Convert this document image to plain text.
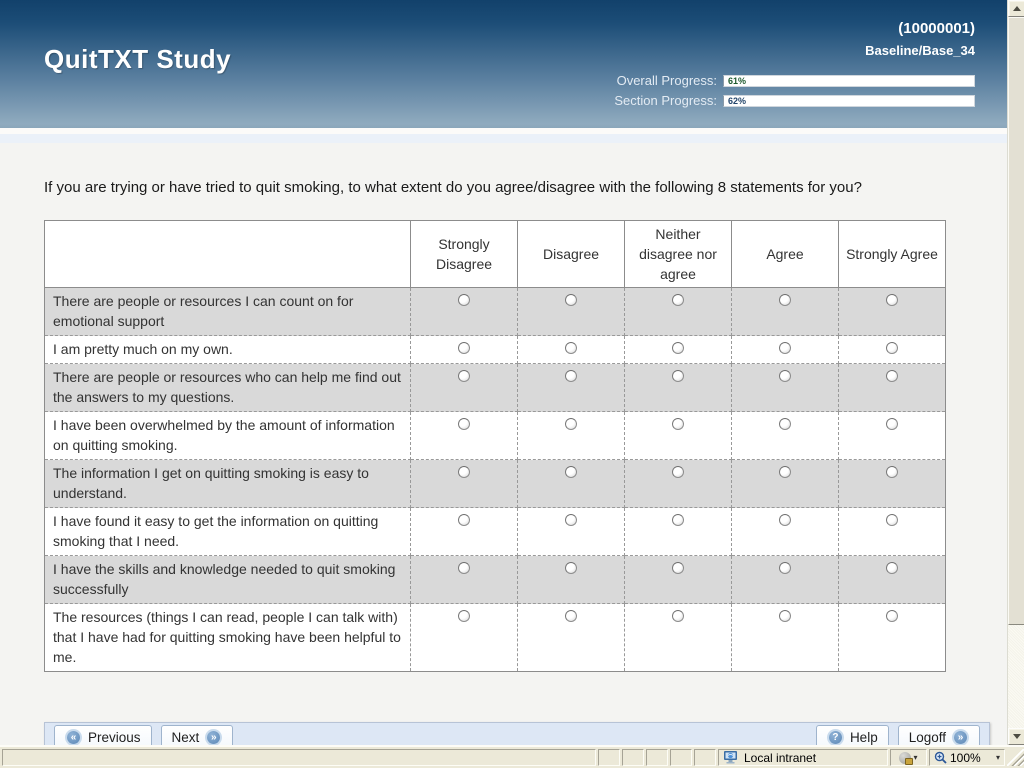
QuitTXT Study
(10000001)
Baseline/Base_34
Overall Progress: 61%
Section Progress: 62%
If you are trying or have tried to quit smoking, to what extent do you agree/disagree with the following 8 statements for you?
	Strongly Disagree	Disagree	Neither disagree nor agree	Agree	Strongly Agree
There are people or resources I can count on for emotional support					
I am pretty much on my own.					
There are people or resources who can help me find out the answers to my questions.					
I have been overwhelmed by the amount of information on quitting smoking.					
The information I get on quitting smoking is easy to understand.					
I have found it easy to get the information on quitting smoking that I need.					
I have the skills and knowledge needed to quit smoking successfully					
The resources (things I can read, people I can talk with) that I have had for quitting smoking have been helpful to me.					
« Previous Next	»	? Help Logoff	»
Local intranet	▾	100% ▾
